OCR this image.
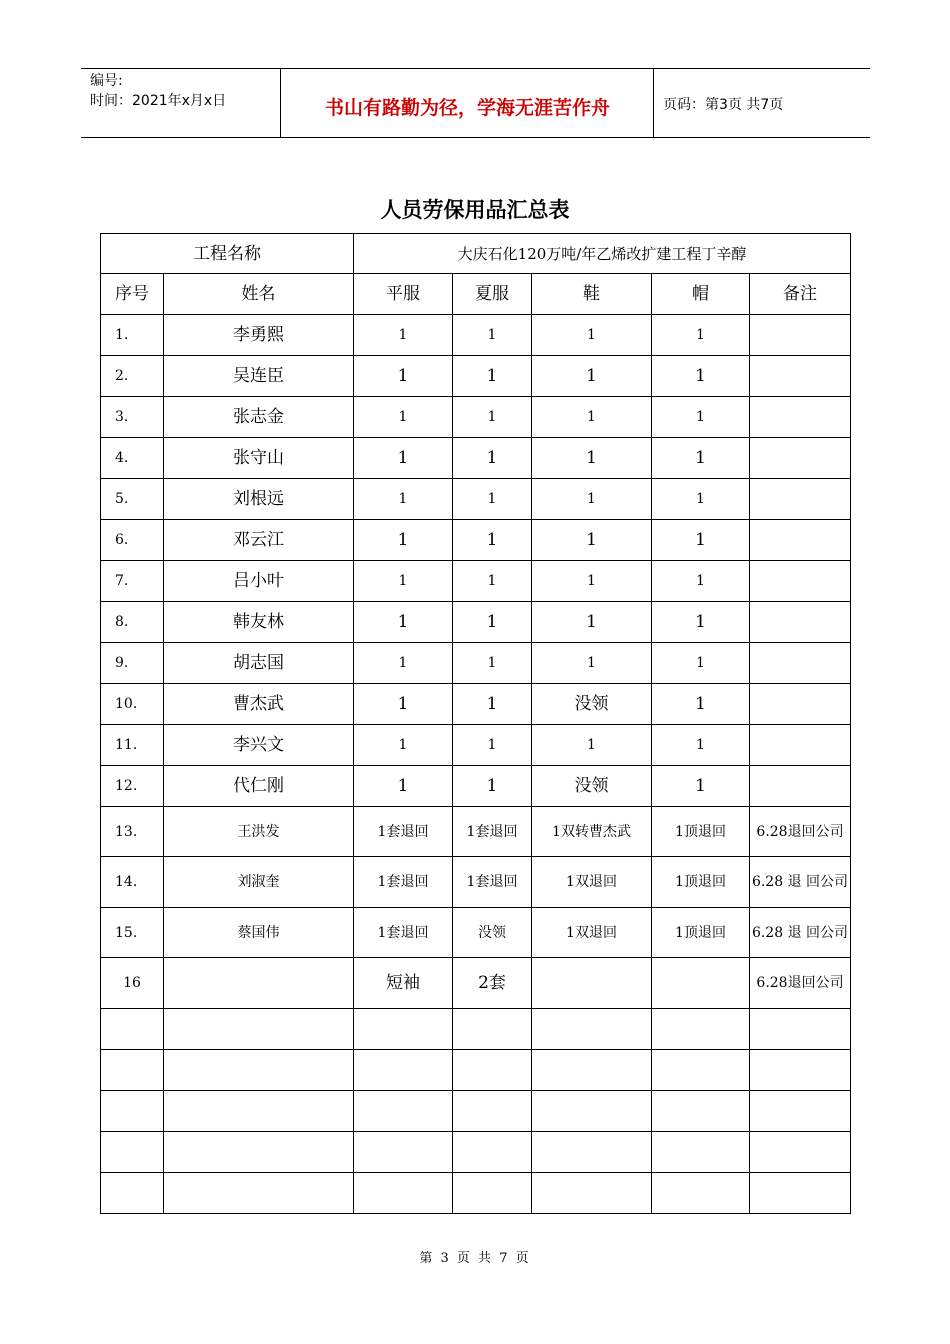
编号:
时间：2021年x月x日	书山有路勤为径，学海无涯苦作舟	页码：第3页 共7页
人员劳保用品汇总表
工程名称		大庆石化120万吨/年乙烯改扩建工程丁辛醇				
序号	姓名	平服	夏服	鞋	帽	备注
1.	李勇熙	1	1	1	1	
2.	吴连臣	1	1	1	1	
3.	张志金	1	1	1	1	
4.	张守山	1	1	1	1	
5.	刘根远	1	1	1	1	
6.	邓云江	1	1	1	1	
7.	吕小叶	1	1	1	1	
8.	韩友林	1	1	1	1	
9.	胡志国	1	1	1	1	
10.	曹杰武	1	1	没领	1	
11.	李兴文	1	1	1	1	
12.	代仁刚	1	1	没领	1	
13.	王洪发	1套退回	1套退回	1双转曹杰武	1顶退回	6.28退回公司
14.	刘淑奎	1套退回	1套退回	1双退回	1顶退回	6.28 退 回公司
15.	蔡国伟	1套退回	没领	1双退回	1顶退回	6.28 退 回公司
16		短袖	2套			6.28退回公司

第 3 页 共 7 页
